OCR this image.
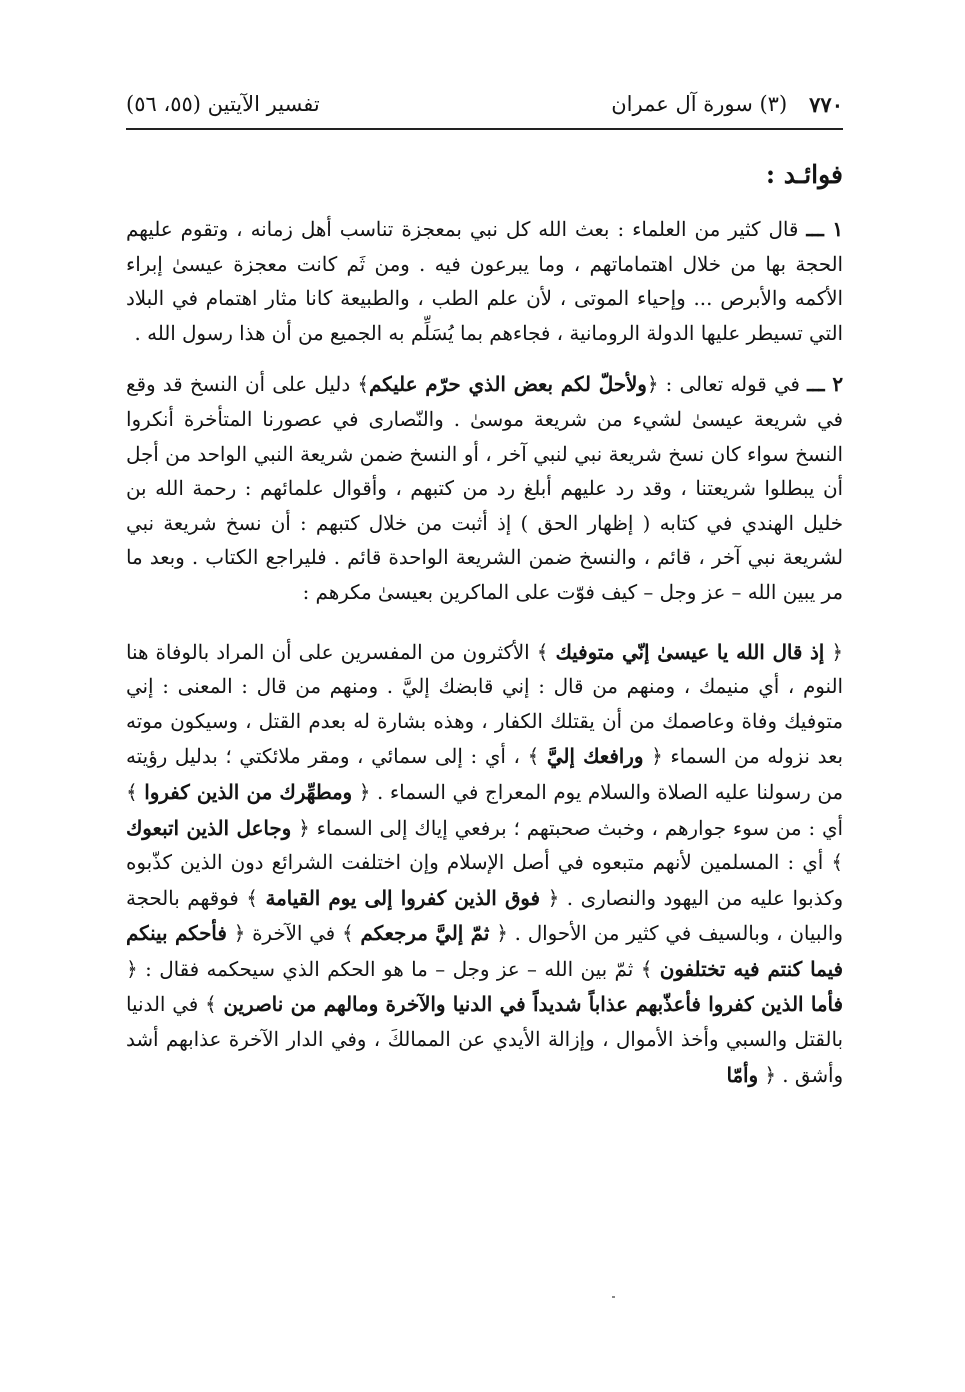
٧٧٠
(٣) سورة آل عمران
تفسير الآيتين (٥٥، ٥٦)
فوائـد :

١ ـــ قال كثير من العلماء : بعث الله كل نبي بمعجزة تناسب أهل زمانه ، وتقوم عليهم الحجة بها من خلال اهتماماتهم ، وما يبرعون فيه . ومن ثَم كانت معجزة عيسىٰ إبراء الأكمه والأبرص ... وإحياء الموتى ، لأن علم الطب ، والطبيعة كانا مثار اهتمام في البلاد التي تسيطر عليها الدولة الرومانية ، فجاءهم بما يُسَلِّم به الجميع من أن هذا رسول الله .

٢ ـــ في قوله تعالى : ﴿ولأحلّ لكم بعض الذي حرّم عليكم﴾ دليل على أن النسخ قد وقع في شريعة عيسىٰ لشيء من شريعة موسىٰ . والنّصارى في عصورنا المتأخرة أنكروا النسخ سواء كان نسخ شريعة نبي لنبي آخر ، أو النسخ ضمن شريعة النبي الواحد من أجل أن يبطلوا شريعتنا ، وقد رد عليهم أبلغ رد من كتبهم ، وأقوال علمائهم : رحمة الله بن خليل الهندي في كتابه ( إظهار الحق ) إذ أثبت من خلال كتبهم : أن نسخ شريعة نبي لشريعة نبي آخر ، قائم ، والنسخ ضمن الشريعة الواحدة قائم . فليراجع الكتاب . وبعد ما مر يبين الله – عز وجل – كيف فوّت على الماكرين بعيسىٰ مكرهم :

﴿ إذ قال الله يا عيسىٰ إنّي متوفيك ﴾ الأكثرون من المفسرين على أن المراد بالوفاة هنا النوم ، أي منيمك ، ومنهم من قال : إني قابضك إليَّ . ومنهم من قال : المعنى : إني متوفيك وفاة وعاصمك من أن يقتلك الكفار ، وهذه بشارة له بعدم القتل ، وسيكون موته بعد نزوله من السماء ﴿ ورافعك إليَّ ﴾ ، أي : إلى سمائي ، ومقر ملائكتي ؛ بدليل رؤيته من رسولنا عليه الصلاة والسلام يوم المعراج في السماء . ﴿ ومطهِّرك من الذين كفروا ﴾ أي : من سوء جوارهم ، وخبث صحبتهم ؛ برفعي إياك إلى السماء ﴿ وجاعل الذين اتبعوك ﴾ أي : المسلمين لأنهم متبعوه في أصل الإسلام وإن اختلفت الشرائع دون الذين كذّبوه وكذبوا عليه من اليهود والنصارى . ﴿ فوق الذين كفروا إلى يوم القيامة ﴾ فوقهم بالحجة والبيان ، وبالسيف في كثير من الأحوال . ﴿ ثمّ إليَّ مرجعكم ﴾ في الآخرة ﴿ فأحكم بينكم فيما كنتم فيه تختلفون ﴾ ثمّ بين الله – عز وجل – ما هو الحكم الذي سيحكمه فقال : ﴿ فأما الذين كفروا فأعذّبهم عذاباً شديداً في الدنيا والآخرة ومالهم من ناصرين ﴾ في الدنيا بالقتل والسبي وأخذ الأموال ، وإزالة الأيدي عن الممالكَ ، وفي الدار الآخرة عذابهم أشد وأشق . ﴿ وأمّا
